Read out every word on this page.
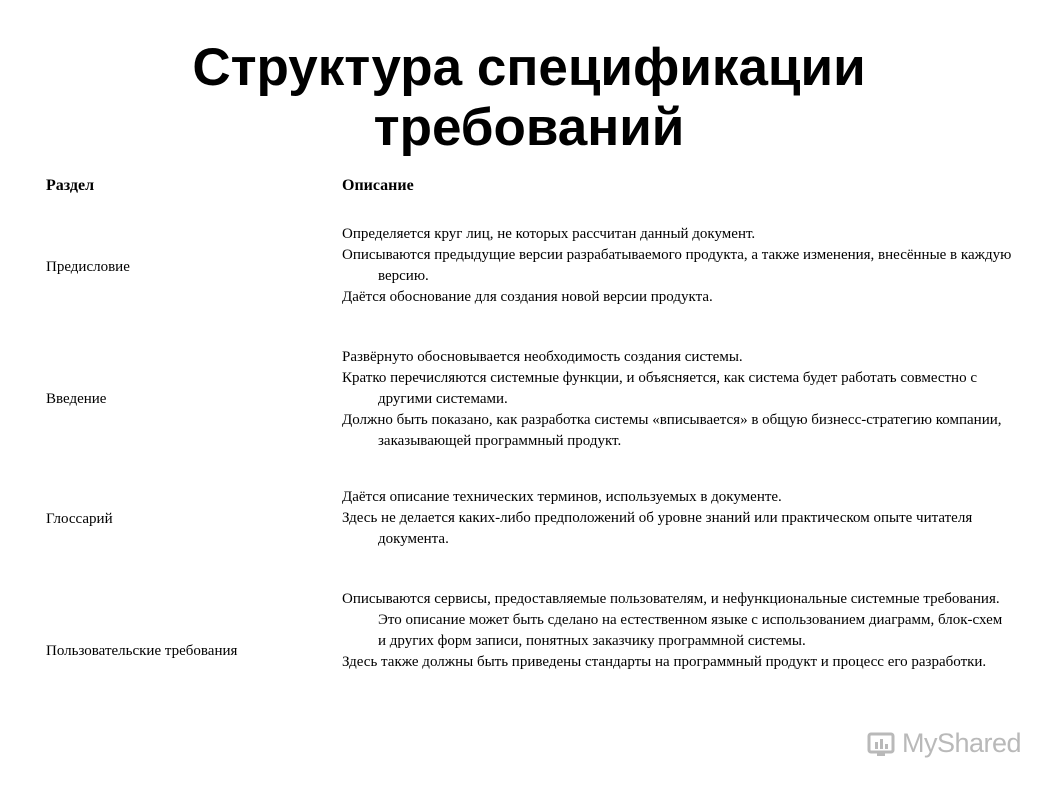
Структура спецификации
требований
Раздел	Описание
Предисловие

Определяется круг лиц, не которых рассчитан данный документ.

Описываются предыдущие версии разрабатываемого продукта, а также изменения, внесённые в каждую версию.

Даётся обоснование для создания новой версии продукта.

Введение

Развёрнуто обосновывается необходимость создания системы.

Кратко перечисляются системные функции, и объясняется, как система будет работать совместно с другими системами.

Должно быть показано, как разработка системы «вписывается» в общую бизнесс-стратегию компании, заказывающей программный продукт.

Глоссарий

Даётся описание технических терминов, используемых в документе.

Здесь не делается каких-либо предположений об уровне знаний или практическом опыте читателя документа.

Пользовательские требования

Описываются сервисы, предоставляемые пользователям, и нефункциональные системные требования. Это описание может быть сделано на естественном языке с использованием диаграмм, блок-схем и других форм записи, понятных заказчику программной системы.

Здесь также должны быть приведены стандарты на программный продукт и процесс его разработки.

MyShared
